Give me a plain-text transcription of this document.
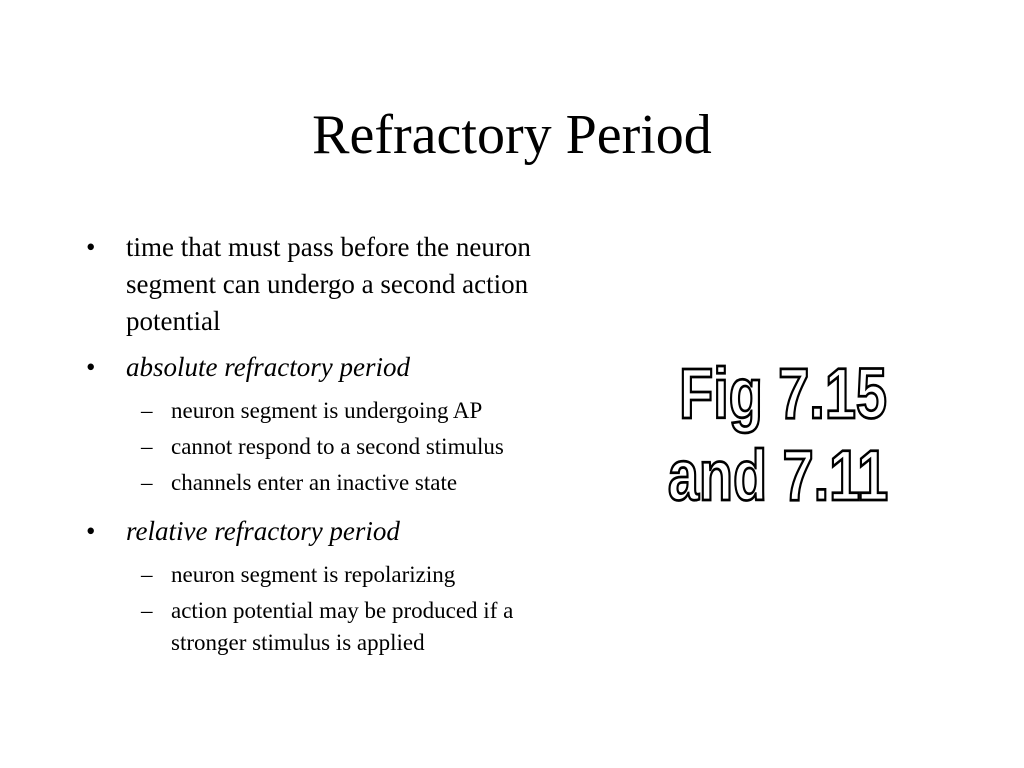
Refractory Period
• time that must pass before the neuron segment can undergo a second action potential
• absolute refractory period
– neuron segment is undergoing AP
– cannot respond to a second stimulus
– channels enter an inactive state
• relative refractory period
– neuron segment is repolarizing
– action potential may be produced if a stronger stimulus is applied
Fig 7.15
and 7.11
